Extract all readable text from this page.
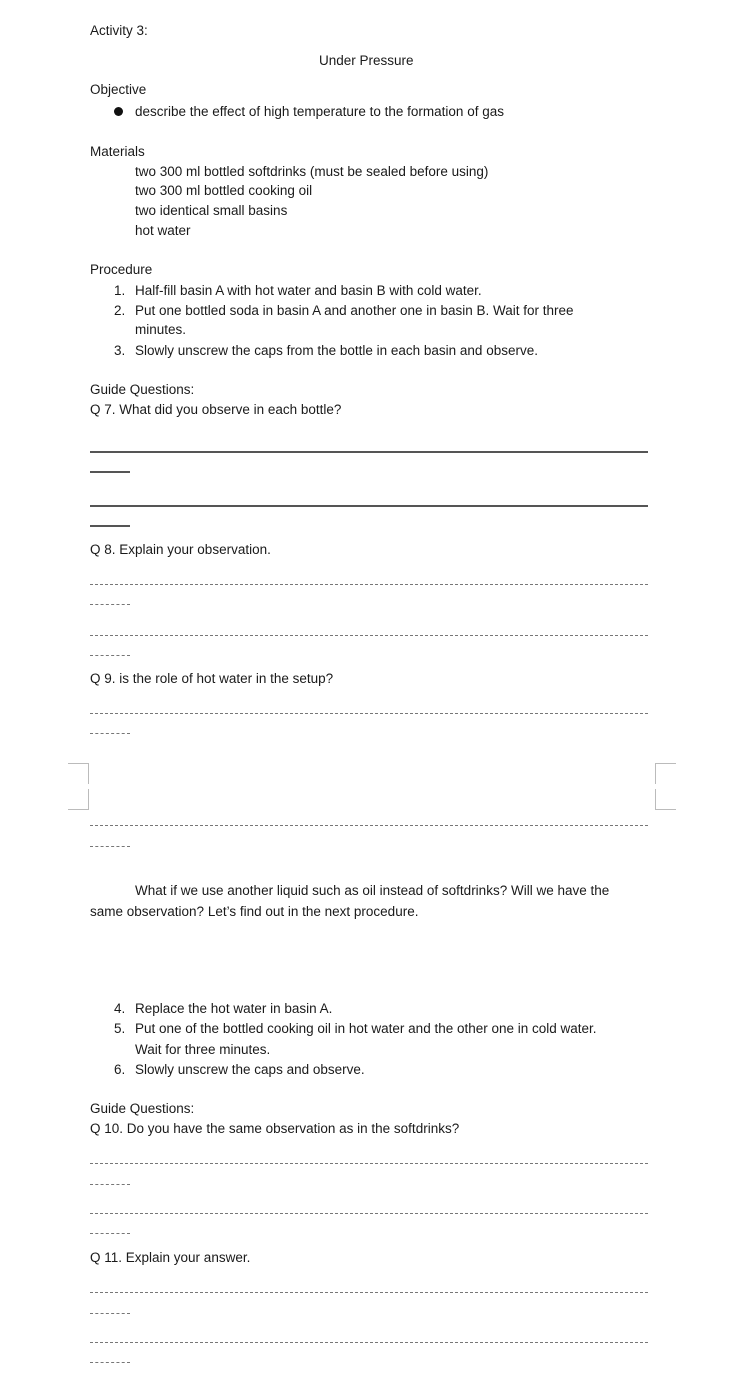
Activity 3:
Under Pressure
Objective
describe the effect of high temperature to the formation of gas
Materials
two 300 ml bottled softdrinks (must be sealed before using)
two 300 ml bottled cooking oil
two identical small basins
hot water
Procedure
1. Half-fill basin A with hot water and basin B with cold water.
2. Put one bottled soda in basin A and another one in basin B. Wait for three
minutes.
3. Slowly unscrew the caps from the bottle in each basin and observe.
Guide Questions:
Q 7. What did you observe in each bottle?
Q 8. Explain your observation.
Q 9. is the role of hot water in the setup?
What if we use another liquid such as oil instead of softdrinks? Will we have the
same observation? Let’s find out in the next procedure.
4. Replace the hot water in basin A.
5. Put one of the bottled cooking oil in hot water and the other one in cold water.
Wait for three minutes.
6. Slowly unscrew the caps and observe.
Guide Questions:
Q 10. Do you have the same observation as in the softdrinks?
Q 11. Explain your answer.
